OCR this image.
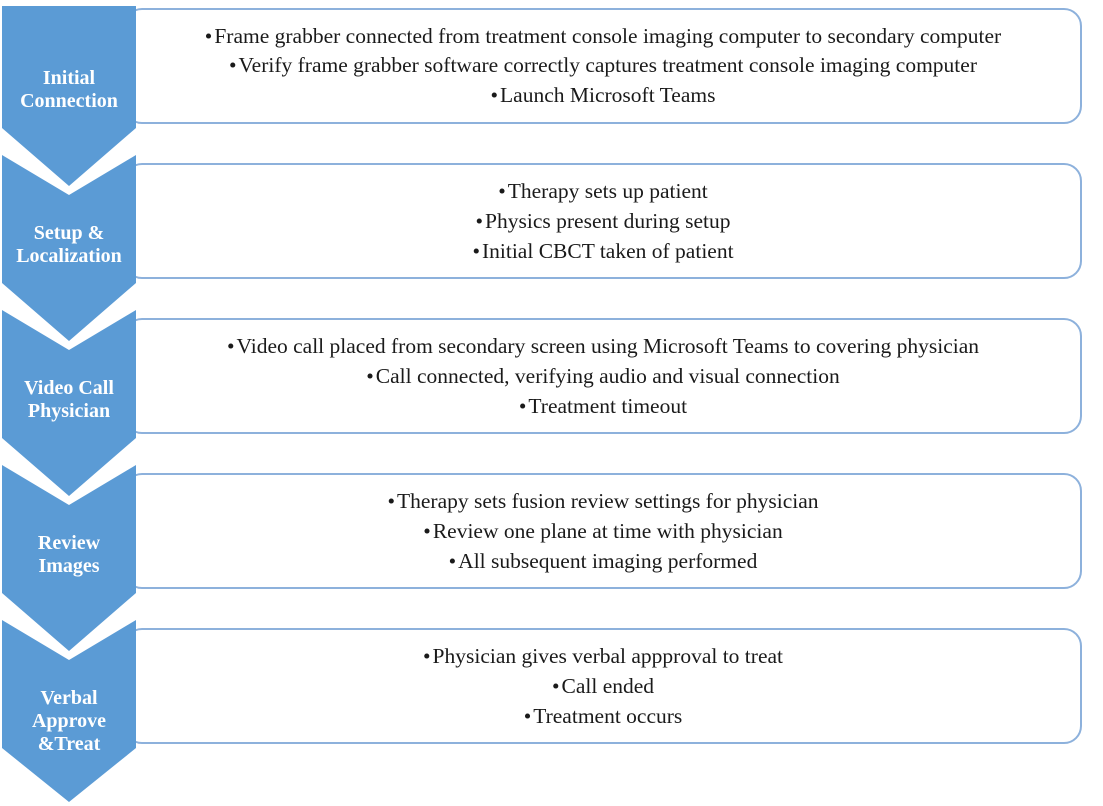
•Frame grabber connected from treatment console imaging computer to secondary computer
•Verify frame grabber software correctly captures treatment console imaging computer
•Launch Microsoft Teams
Initial
Connection
•Therapy sets up patient
•Physics present during setup
•Initial CBCT taken of patient
Setup &
Localization
•Video call placed from secondary screen using Microsoft Teams to covering physician
•Call connected, verifying audio and visual connection
•Treatment timeout
Video Call
Physician
•Therapy sets fusion review settings for physician
•Review one plane at time with physician
•All subsequent imaging performed
Review
Images
•Physician gives verbal appproval to treat
•Call ended
•Treatment occurs
Verbal
Approve
&Treat
